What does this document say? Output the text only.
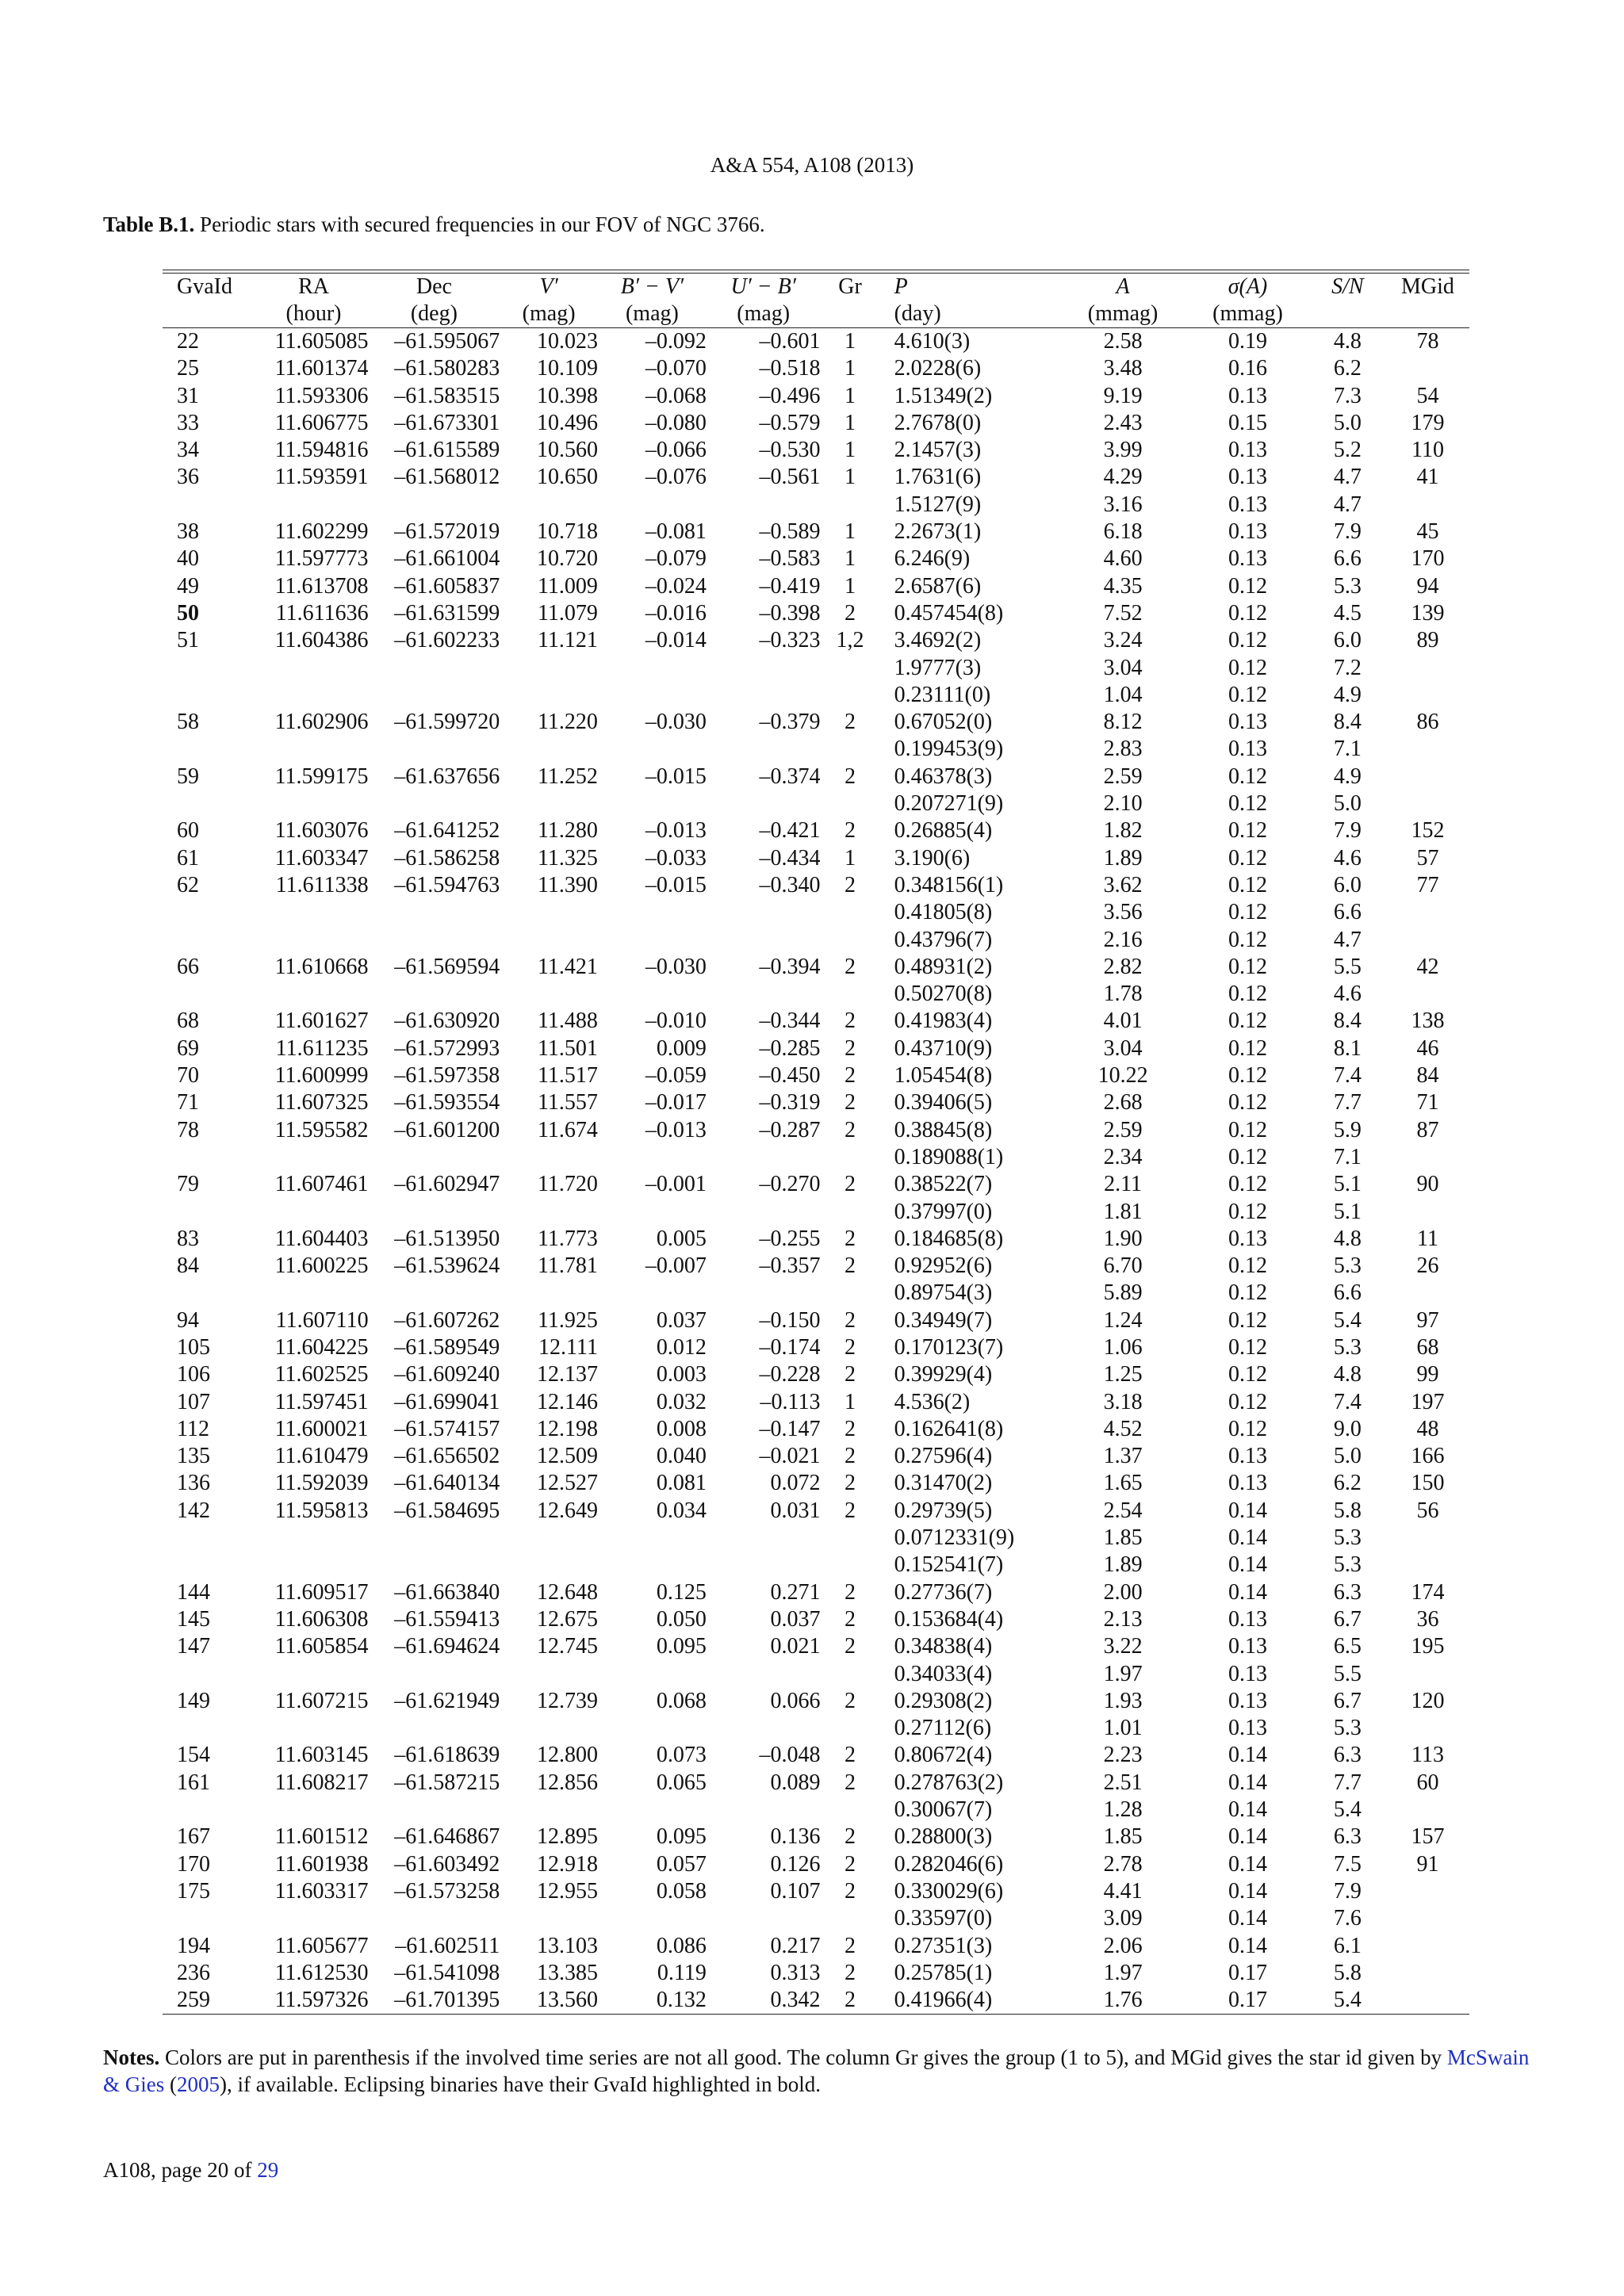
A&A 554, A108 (2013)
Table B.1. Periodic stars with secured frequencies in our FOV of NGC 3766.
GvaId	RA	Dec	V′	B′ − V′	U′ − B′	Gr	P	A	σ(A)	S/N	MGid
	(hour)	(deg)	(mag)	(mag)	(mag)		(day)	(mmag)	(mmag)		
22	11.605085	–61.595067	10.023	–0.092	–0.601	1	4.610(3)	2.58	0.19	4.8	78
25	11.601374	–61.580283	10.109	–0.070	–0.518	1	2.0228(6)	3.48	0.16	6.2	
31	11.593306	–61.583515	10.398	–0.068	–0.496	1	1.51349(2)	9.19	0.13	7.3	54
33	11.606775	–61.673301	10.496	–0.080	–0.579	1	2.7678(0)	2.43	0.15	5.0	179
34	11.594816	–61.615589	10.560	–0.066	–0.530	1	2.1457(3)	3.99	0.13	5.2	110
36	11.593591	–61.568012	10.650	–0.076	–0.561	1	1.7631(6)	4.29	0.13	4.7	41
							1.5127(9)	3.16	0.13	4.7	
38	11.602299	–61.572019	10.718	–0.081	–0.589	1	2.2673(1)	6.18	0.13	7.9	45
40	11.597773	–61.661004	10.720	–0.079	–0.583	1	6.246(9)	4.60	0.13	6.6	170
49	11.613708	–61.605837	11.009	–0.024	–0.419	1	2.6587(6)	4.35	0.12	5.3	94
50	11.611636	–61.631599	11.079	–0.016	–0.398	2	0.457454(8)	7.52	0.12	4.5	139
51	11.604386	–61.602233	11.121	–0.014	–0.323	1,2	3.4692(2)	3.24	0.12	6.0	89
							1.9777(3)	3.04	0.12	7.2	
							0.23111(0)	1.04	0.12	4.9	
58	11.602906	–61.599720	11.220	–0.030	–0.379	2	0.67052(0)	8.12	0.13	8.4	86
							0.199453(9)	2.83	0.13	7.1	
59	11.599175	–61.637656	11.252	–0.015	–0.374	2	0.46378(3)	2.59	0.12	4.9	
							0.207271(9)	2.10	0.12	5.0	
60	11.603076	–61.641252	11.280	–0.013	–0.421	2	0.26885(4)	1.82	0.12	7.9	152
61	11.603347	–61.586258	11.325	–0.033	–0.434	1	3.190(6)	1.89	0.12	4.6	57
62	11.611338	–61.594763	11.390	–0.015	–0.340	2	0.348156(1)	3.62	0.12	6.0	77
							0.41805(8)	3.56	0.12	6.6	
							0.43796(7)	2.16	0.12	4.7	
66	11.610668	–61.569594	11.421	–0.030	–0.394	2	0.48931(2)	2.82	0.12	5.5	42
							0.50270(8)	1.78	0.12	4.6	
68	11.601627	–61.630920	11.488	–0.010	–0.344	2	0.41983(4)	4.01	0.12	8.4	138
69	11.611235	–61.572993	11.501	0.009	–0.285	2	0.43710(9)	3.04	0.12	8.1	46
70	11.600999	–61.597358	11.517	–0.059	–0.450	2	1.05454(8)	10.22	0.12	7.4	84
71	11.607325	–61.593554	11.557	–0.017	–0.319	2	0.39406(5)	2.68	0.12	7.7	71
78	11.595582	–61.601200	11.674	–0.013	–0.287	2	0.38845(8)	2.59	0.12	5.9	87
							0.189088(1)	2.34	0.12	7.1	
79	11.607461	–61.602947	11.720	–0.001	–0.270	2	0.38522(7)	2.11	0.12	5.1	90
							0.37997(0)	1.81	0.12	5.1	
83	11.604403	–61.513950	11.773	0.005	–0.255	2	0.184685(8)	1.90	0.13	4.8	11
84	11.600225	–61.539624	11.781	–0.007	–0.357	2	0.92952(6)	6.70	0.12	5.3	26
							0.89754(3)	5.89	0.12	6.6	
94	11.607110	–61.607262	11.925	0.037	–0.150	2	0.34949(7)	1.24	0.12	5.4	97
105	11.604225	–61.589549	12.111	0.012	–0.174	2	0.170123(7)	1.06	0.12	5.3	68
106	11.602525	–61.609240	12.137	0.003	–0.228	2	0.39929(4)	1.25	0.12	4.8	99
107	11.597451	–61.699041	12.146	0.032	–0.113	1	4.536(2)	3.18	0.12	7.4	197
112	11.600021	–61.574157	12.198	0.008	–0.147	2	0.162641(8)	4.52	0.12	9.0	48
135	11.610479	–61.656502	12.509	0.040	–0.021	2	0.27596(4)	1.37	0.13	5.0	166
136	11.592039	–61.640134	12.527	0.081	0.072	2	0.31470(2)	1.65	0.13	6.2	150
142	11.595813	–61.584695	12.649	0.034	0.031	2	0.29739(5)	2.54	0.14	5.8	56
							0.0712331(9)	1.85	0.14	5.3	
							0.152541(7)	1.89	0.14	5.3	
144	11.609517	–61.663840	12.648	0.125	0.271	2	0.27736(7)	2.00	0.14	6.3	174
145	11.606308	–61.559413	12.675	0.050	0.037	2	0.153684(4)	2.13	0.13	6.7	36
147	11.605854	–61.694624	12.745	0.095	0.021	2	0.34838(4)	3.22	0.13	6.5	195
							0.34033(4)	1.97	0.13	5.5	
149	11.607215	–61.621949	12.739	0.068	0.066	2	0.29308(2)	1.93	0.13	6.7	120
							0.27112(6)	1.01	0.13	5.3	
154	11.603145	–61.618639	12.800	0.073	–0.048	2	0.80672(4)	2.23	0.14	6.3	113
161	11.608217	–61.587215	12.856	0.065	0.089	2	0.278763(2)	2.51	0.14	7.7	60
							0.30067(7)	1.28	0.14	5.4	
167	11.601512	–61.646867	12.895	0.095	0.136	2	0.28800(3)	1.85	0.14	6.3	157
170	11.601938	–61.603492	12.918	0.057	0.126	2	0.282046(6)	2.78	0.14	7.5	91
175	11.603317	–61.573258	12.955	0.058	0.107	2	0.330029(6)	4.41	0.14	7.9	
							0.33597(0)	3.09	0.14	7.6	
194	11.605677	–61.602511	13.103	0.086	0.217	2	0.27351(3)	2.06	0.14	6.1	
236	11.612530	–61.541098	13.385	0.119	0.313	2	0.25785(1)	1.97	0.17	5.8	
259	11.597326	–61.701395	13.560	0.132	0.342	2	0.41966(4)	1.76	0.17	5.4	
Notes. Colors are put in parenthesis if the involved time series are not all good. The column Gr gives the group (1 to 5), and MGid gives the star id given by McSwain & Gies (2005), if available. Eclipsing binaries have their GvaId highlighted in bold.
A108, page 20 of 29
